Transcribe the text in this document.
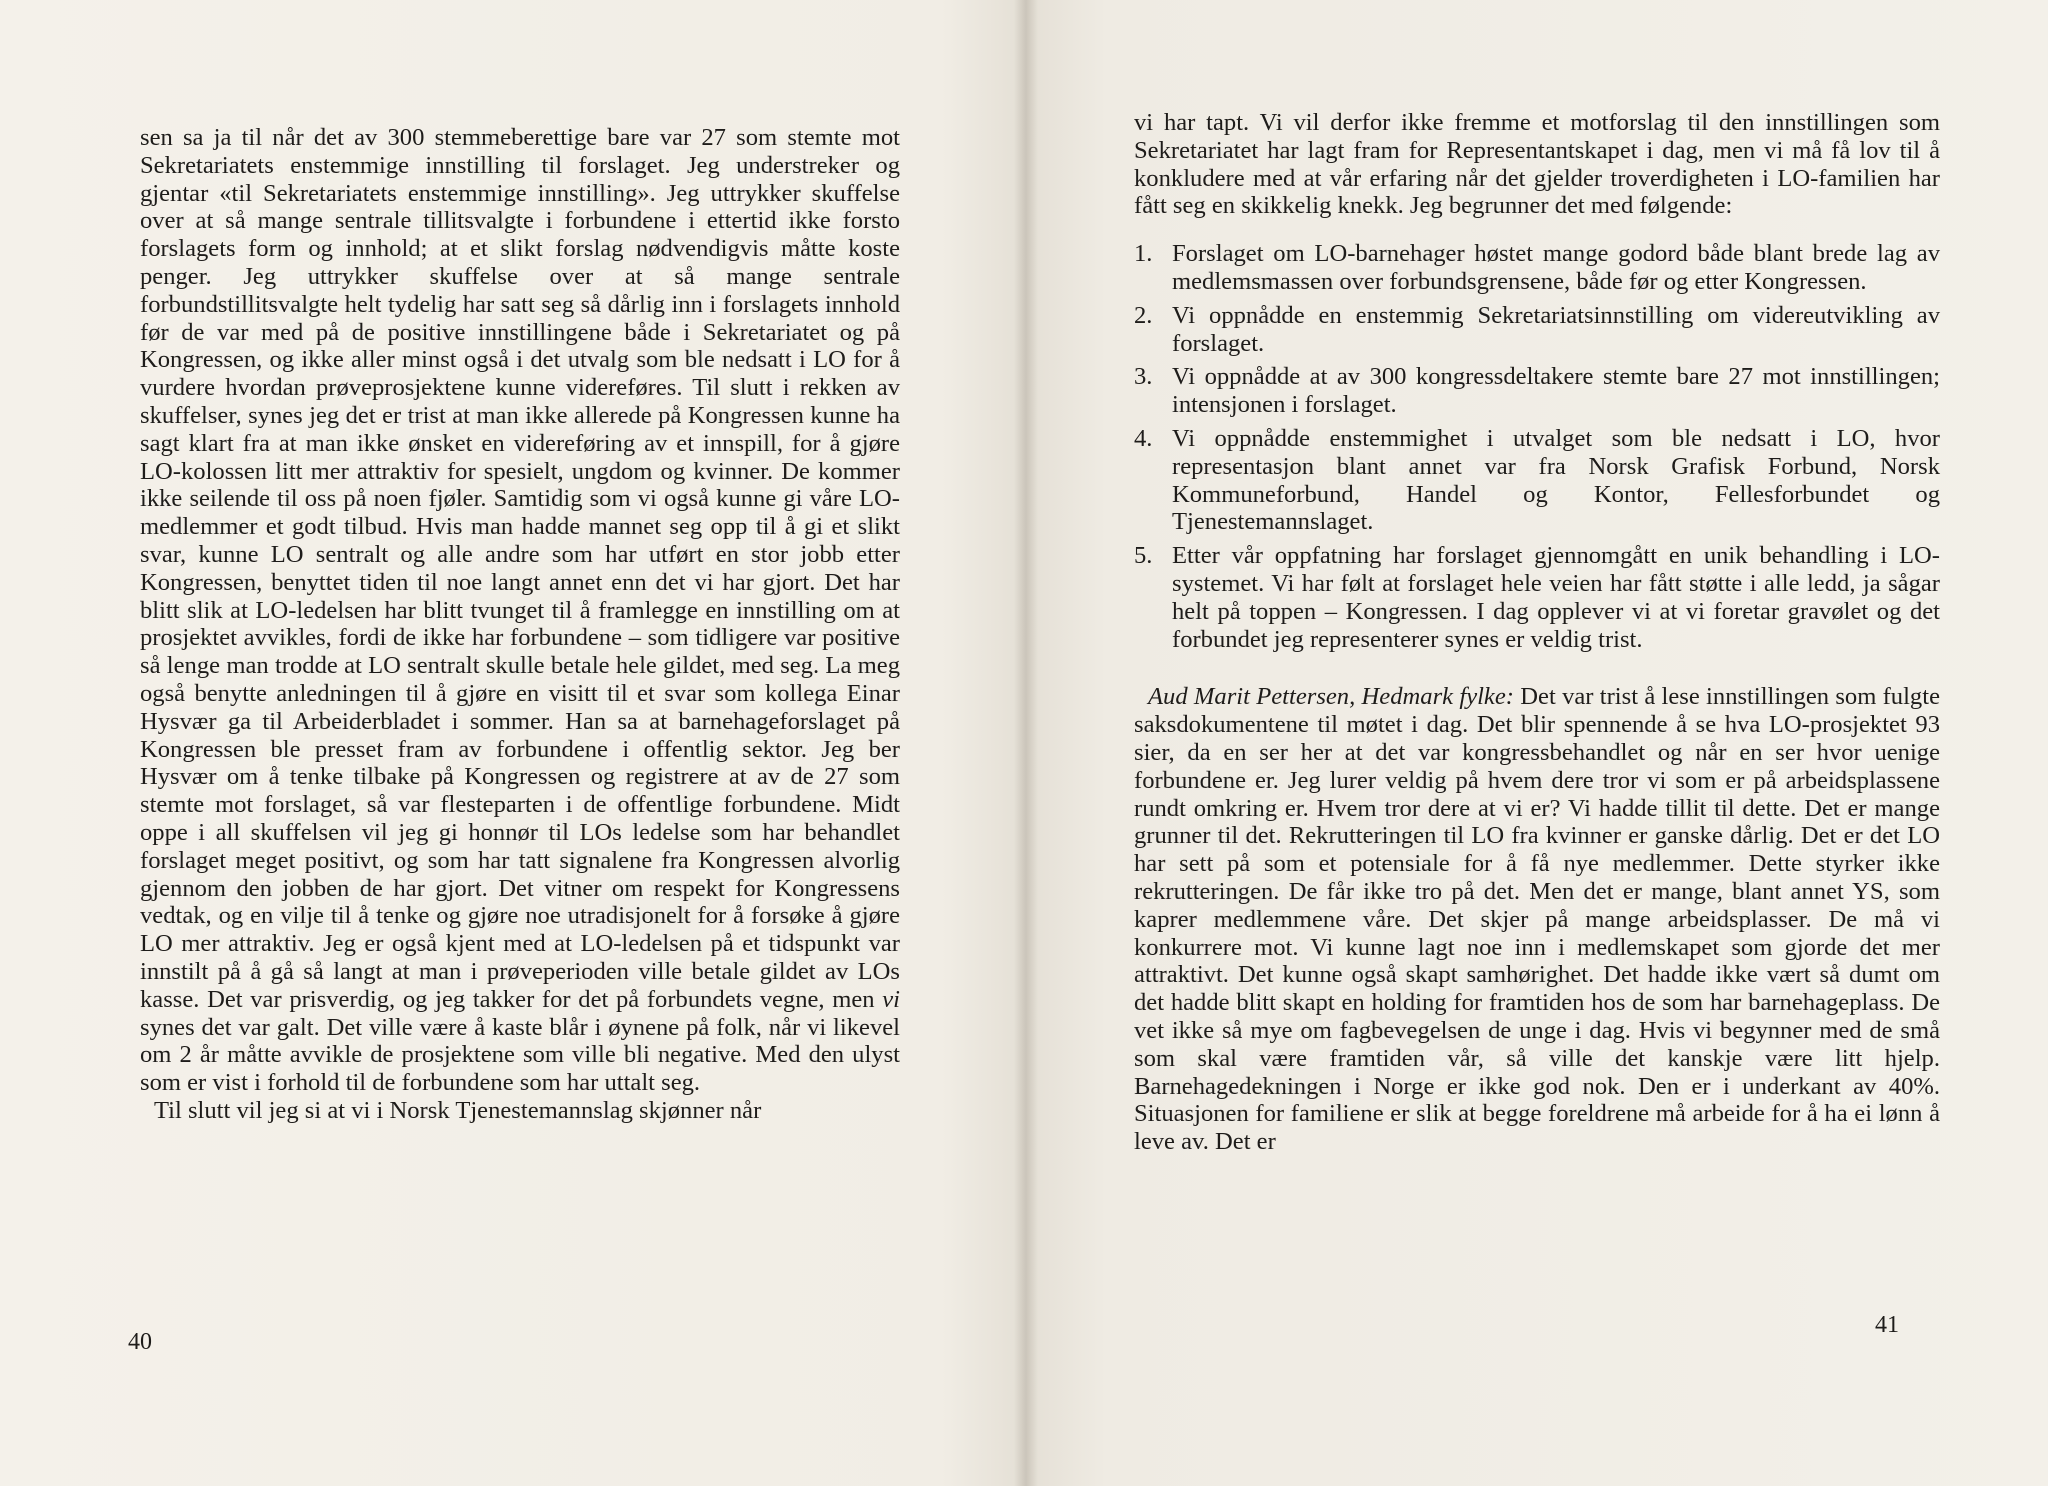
sen sa ja til når det av 300 stemmeberettige bare var 27 som stemte mot Sekretariatets enstemmige innstilling til forslaget. Jeg understreker og gjentar «til Sekretariatets enstemmige innstilling». Jeg uttrykker skuffelse over at så mange sentrale tillitsvalgte i forbundene i ettertid ikke forsto forslagets form og innhold; at et slikt forslag nødvendigvis måtte koste penger. Jeg uttrykker skuffelse over at så mange sentrale forbundstillitsvalgte helt tydelig har satt seg så dårlig inn i forslagets innhold før de var med på de positive innstillingene både i Sekretariatet og på Kongressen, og ikke aller minst også i det utvalg som ble nedsatt i LO for å vurdere hvordan prøveprosjektene kunne videreføres. Til slutt i rekken av skuffelser, synes jeg det er trist at man ikke allerede på Kongressen kunne ha sagt klart fra at man ikke ønsket en videreføring av et innspill, for å gjøre LO-kolossen litt mer attraktiv for spesielt, ungdom og kvinner. De kommer ikke seilende til oss på noen fjøler. Samtidig som vi også kunne gi våre LO-medlemmer et godt tilbud. Hvis man hadde mannet seg opp til å gi et slikt svar, kunne LO sentralt og alle andre som har utført en stor jobb etter Kongressen, benyttet tiden til noe langt annet enn det vi har gjort. Det har blitt slik at LO-ledelsen har blitt tvunget til å framlegge en innstilling om at prosjektet avvikles, fordi de ikke har forbundene – som tidligere var positive så lenge man trodde at LO sentralt skulle betale hele gildet, med seg. La meg også benytte anledningen til å gjøre en visitt til et svar som kollega Einar Hysvær ga til Arbeiderbladet i sommer. Han sa at barnehageforslaget på Kongressen ble presset fram av forbundene i offentlig sektor. Jeg ber Hysvær om å tenke tilbake på Kongressen og registrere at av de 27 som stemte mot forslaget, så var flesteparten i de offentlige forbundene. Midt oppe i all skuffelsen vil jeg gi honnør til LOs ledelse som har behandlet forslaget meget positivt, og som har tatt signalene fra Kongressen alvorlig gjennom den jobben de har gjort. Det vitner om respekt for Kongressens vedtak, og en vilje til å tenke og gjøre noe utradisjonelt for å forsøke å gjøre LO mer attraktiv. Jeg er også kjent med at LO-ledelsen på et tidspunkt var innstilt på å gå så langt at man i prøveperioden ville betale gildet av LOs kasse. Det var prisverdig, og jeg takker for det på forbundets vegne, men vi synes det var galt. Det ville være å kaste blår i øynene på folk, når vi likevel om 2 år måtte avvikle de prosjektene som ville bli negative. Med den ulyst som er vist i forhold til de forbundene som har uttalt seg.

Til slutt vil jeg si at vi i Norsk Tjenestemannslag skjønner når

40

vi har tapt. Vi vil derfor ikke fremme et motforslag til den innstillingen som Sekretariatet har lagt fram for Representantskapet i dag, men vi må få lov til å konkludere med at vår erfaring når det gjelder troverdigheten i LO-familien har fått seg en skikkelig knekk. Jeg begrunner det med følgende:

1. Forslaget om LO-barnehager høstet mange godord både blant brede lag av medlemsmassen over forbundsgrensene, både før og etter Kongressen.
2. Vi oppnådde en enstemmig Sekretariatsinnstilling om videreutvikling av forslaget.
3. Vi oppnådde at av 300 kongressdeltakere stemte bare 27 mot innstillingen; intensjonen i forslaget.
4. Vi oppnådde enstemmighet i utvalget som ble nedsatt i LO, hvor representasjon blant annet var fra Norsk Grafisk Forbund, Norsk Kommuneforbund, Handel og Kontor, Fellesforbundet og Tjenestemannslaget.
5. Etter vår oppfatning har forslaget gjennomgått en unik behandling i LO-systemet. Vi har følt at forslaget hele veien har fått støtte i alle ledd, ja sågar helt på toppen – Kongressen. I dag opplever vi at vi foretar gravølet og det forbundet jeg representerer synes er veldig trist.

Aud Marit Pettersen, Hedmark fylke: Det var trist å lese innstillingen som fulgte saksdokumentene til møtet i dag. Det blir spennende å se hva LO-prosjektet 93 sier, da en ser her at det var kongressbehandlet og når en ser hvor uenige forbundene er. Jeg lurer veldig på hvem dere tror vi som er på arbeidsplassene rundt omkring er. Hvem tror dere at vi er? Vi hadde tillit til dette. Det er mange grunner til det. Rekrutteringen til LO fra kvinner er ganske dårlig. Det er det LO har sett på som et potensiale for å få nye medlemmer. Dette styrker ikke rekrutteringen. De får ikke tro på det. Men det er mange, blant annet YS, som kaprer medlemmene våre. Det skjer på mange arbeidsplasser. De må vi konkurrere mot. Vi kunne lagt noe inn i medlemskapet som gjorde det mer attraktivt. Det kunne også skapt samhørighet. Det hadde ikke vært så dumt om det hadde blitt skapt en holding for framtiden hos de som har barnehageplass. De vet ikke så mye om fagbevegelsen de unge i dag. Hvis vi begynner med de små som skal være framtiden vår, så ville det kanskje være litt hjelp. Barnehagedekningen i Norge er ikke god nok. Den er i underkant av 40%. Situasjonen for familiene er slik at begge foreldrene må arbeide for å ha ei lønn å leve av. Det er

41
